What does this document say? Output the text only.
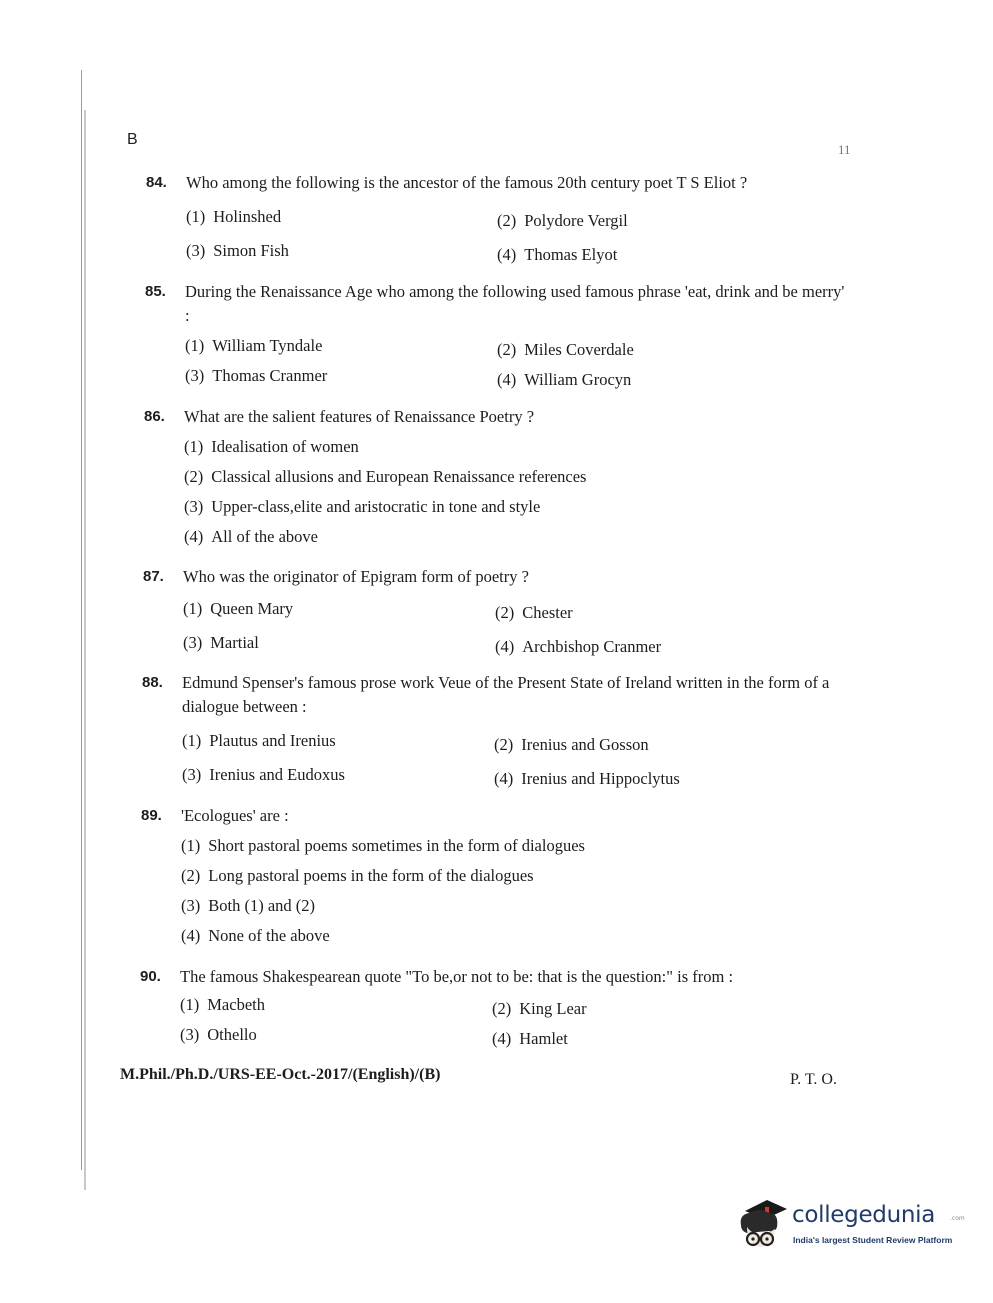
B
11
84. Who among the following is the ancestor of the famous 20th century poet T S Eliot ?
(1) Holinshed	(2) Polydore Vergil
(3) Simon Fish	(4) Thomas Elyot
85. During the Renaissance Age who among the following used famous phrase 'eat, drink and be merry' :
(1) William Tyndale	(2) Miles Coverdale
(3) Thomas Cranmer	(4) William Grocyn
86. What are the salient features of Renaissance Poetry ?
(1) Idealisation of women
(2) Classical allusions and European Renaissance references
(3) Upper-class,elite and aristocratic in tone and style
(4) All of the above
87. Who was the originator of Epigram form of poetry ?
(1) Queen Mary	(2) Chester
(3) Martial	(4) Archbishop Cranmer
88. Edmund Spenser's famous prose work Veue of the Present State of Ireland written in the form of a dialogue between :
(1) Plautus and Irenius	(2) Irenius and Gosson
(3) Irenius and Eudoxus	(4) Irenius and Hippoclytus
89. 'Ecologues' are :
(1) Short pastoral poems sometimes in the form of dialogues
(2) Long pastoral poems in the form of the dialogues
(3) Both (1) and (2)
(4) None of the above
90. The famous Shakespearean quote "To be,or not to be: that is the question:" is from :
(1) Macbeth	(2) King Lear
(3) Othello	(4) Hamlet
M.Phil./Ph.D./URS-EE-Oct.-2017/(English)/(B)	P. T. O.
collegedunia .com
India's largest Student Review Platform
